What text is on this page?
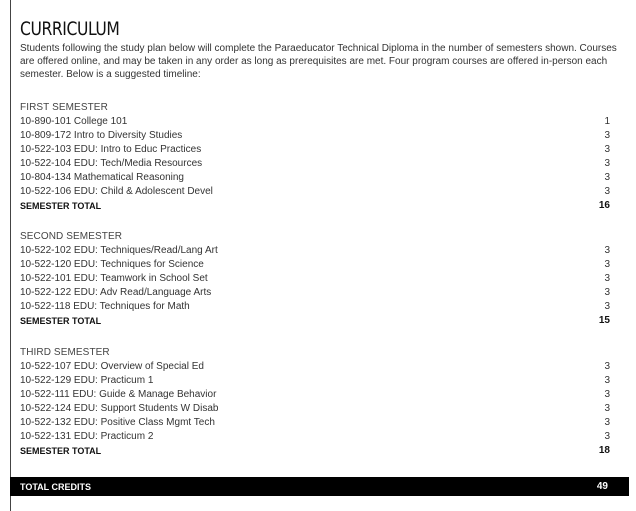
CURRICULUM
Students following the study plan below will complete the Paraeducator Technical Diploma in the number of semesters shown. Courses are offered online, and may be taken in any order as long as prerequisites are met. Four program courses are offered in-person each semester. Below is a suggested timeline:
FIRST SEMESTER
10-890-101 College 101	1
10-809-172 Intro to Diversity Studies	3
10-522-103 EDU: Intro to Educ Practices	3
10-522-104 EDU: Tech/Media Resources	3
10-804-134 Mathematical Reasoning	3
10-522-106 EDU: Child & Adolescent Devel	3
SEMESTER TOTAL	16
SECOND SEMESTER
10-522-102 EDU: Techniques/Read/Lang Art	3
10-522-120 EDU: Techniques for Science	3
10-522-101 EDU: Teamwork in School Set	3
10-522-122 EDU: Adv Read/Language Arts	3
10-522-118 EDU: Techniques for Math	3
SEMESTER TOTAL	15
THIRD SEMESTER
10-522-107 EDU: Overview of Special Ed	3
10-522-129 EDU: Practicum 1	3
10-522-111 EDU: Guide & Manage Behavior	3
10-522-124 EDU: Support Students W Disab	3
10-522-132 EDU: Positive Class Mgmt Tech	3
10-522-131 EDU: Practicum 2	3
SEMESTER TOTAL	18
TOTAL CREDITS	49
